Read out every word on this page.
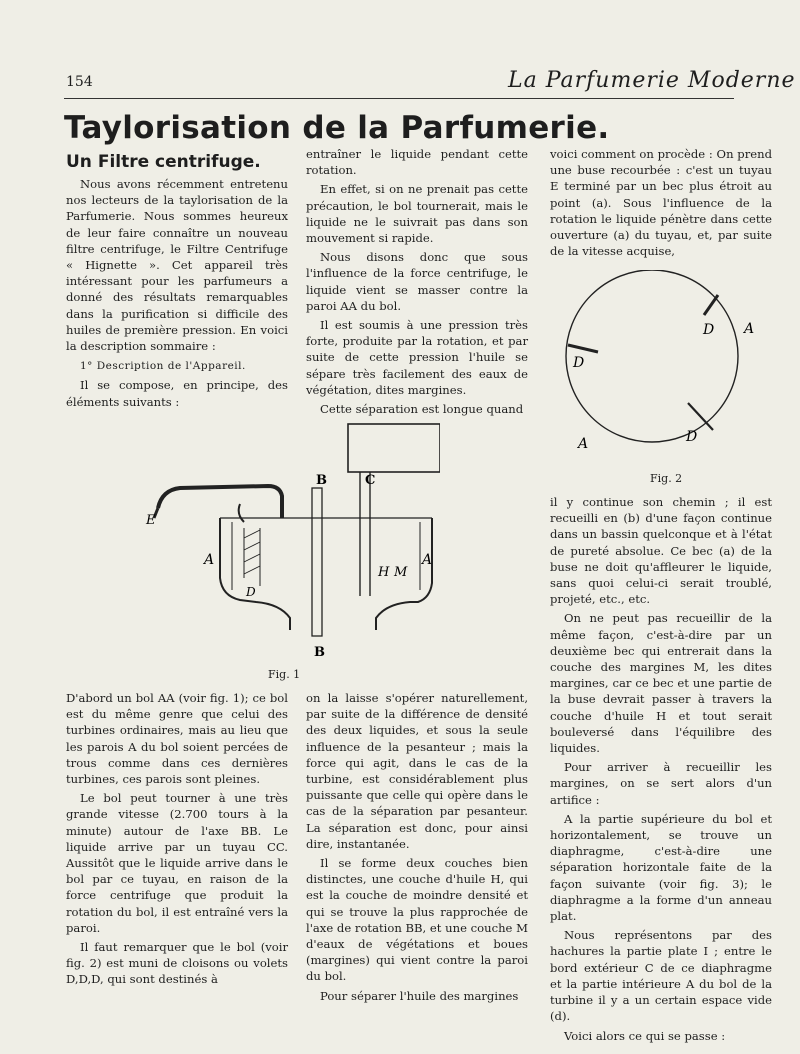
154	La Parfumerie Moderne
Taylorisation de la Parfumerie.
Un Filtre centrifuge.

Nous avons récemment entretenu nos lecteurs de la taylorisation de la Parfumerie. Nous sommes heureux de leur faire connaître un nouveau filtre centrifuge, le Filtre Centrifuge « Hignette ». Cet appareil très intéressant pour les parfumeurs a donné des résultats remarquables dans la purification si difficile des huiles de première pression. En voici la description sommaire :

1° Description de l'Appareil.

Il se compose, en principe, des éléments suivants :

entraîner le liquide pendant cette rotation.

En effet, si on ne prenait pas cette précaution, le bol tournerait, mais le liquide ne le suivrait pas dans son mouvement si rapide.

Nous disons donc que sous l'influence de la force centrifuge, le liquide vient se masser contre la paroi AA du bol.

Il est soumis à une pression très forte, produite par la rotation, et par suite de cette pression l'huile se sépare très facilement des eaux de végétation, dites margines.

Cette séparation est longue quand

voici comment on procède : On prend une buse recourbée : c'est un tuyau E terminé par un bec plus étroit au point (a). Sous l'influence de la rotation le liquide pénètre dans cette ouverture (a) du tuyau, et, par suite de la vitesse acquise,

D
D
D
A
A
Fig. 2
B	C
E
A	A
H M
D
B
Fig. 1

D'abord un bol AA (voir fig. 1); ce bol est du même genre que celui des turbines ordinaires, mais au lieu que les parois A du bol soient percées de trous comme dans ces dernières turbines, ces parois sont pleines.

Le bol peut tourner à une très grande vitesse (2.700 tours à la minute) autour de l'axe BB. Le liquide arrive par un tuyau CC. Aussitôt que le liquide arrive dans le bol par ce tuyau, en raison de la force centrifuge que produit la rotation du bol, il est entraîné vers la paroi.

Il faut remarquer que le bol (voir fig. 2) est muni de cloisons ou volets D,D,D, qui sont destinés à

on la laisse s'opérer naturellement, par suite de la différence de densité des deux liquides, et sous la seule influence de la pesanteur ; mais la force qui agit, dans le cas de la turbine, est considérablement plus puissante que celle qui opère dans le cas de la séparation par pesanteur. La séparation est donc, pour ainsi dire, instantanée.

Il se forme deux couches bien distinctes, une couche d'huile H, qui est la couche de moindre densité et qui se trouve la plus rapprochée de l'axe de rotation BB, et une couche M d'eaux de végétations et boues (margines) qui vient contre la paroi du bol.

Pour séparer l'huile des margines

il y continue son chemin ; il est recueilli en (b) d'une façon continue dans un bassin quelconque et à l'état de pureté absolue. Ce bec (a) de la buse ne doit qu'affleurer le liquide, sans quoi celui-ci serait troublé, projeté, etc., etc.

On ne peut pas recueillir de la même façon, c'est-à-dire par un deuxième bec qui entrerait dans la couche des margines M, les dites margines, car ce bec et une partie de la buse devrait passer à travers la couche d'huile H et tout serait bouleversé dans l'équilibre des liquides.

Pour arriver à recueillir les margines, on se sert alors d'un artifice :

A la partie supérieure du bol et horizontalement, se trouve un diaphragme, c'est-à-dire une séparation horizontale faite de la façon suivante (voir fig. 3); le diaphragme a la forme d'un anneau plat.

Nous représentons par des hachures la partie plate I ; entre le bord extérieur C de ce diaphragme et la partie intérieure A du bol de la turbine il y a un certain espace vide (d).

Voici alors ce qui se passe :
